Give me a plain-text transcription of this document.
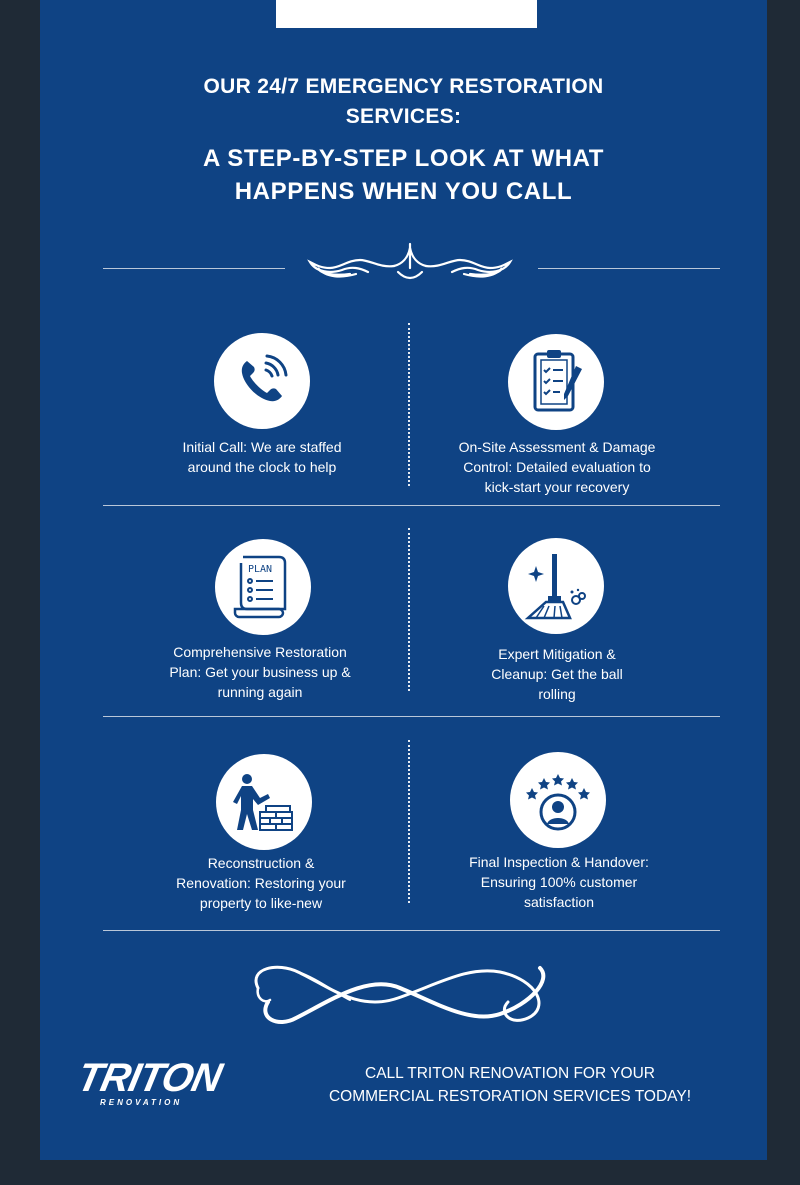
OUR 24/7 EMERGENCY RESTORATION
SERVICES:
A STEP-BY-STEP LOOK AT WHAT
HAPPENS WHEN YOU CALL
Initial Call: We are staffed
around the clock to help
On-Site Assessment & Damage
Control: Detailed evaluation to
kick-start your recovery
PLAN
Comprehensive Restoration
Plan: Get your business up &
running again
Expert Mitigation &
Cleanup: Get the ball
rolling
Reconstruction &
Renovation: Restoring your
property to like-new
Final Inspection & Handover:
Ensuring 100% customer
satisfaction
TRITON
RENOVATION
CALL TRITON RENOVATION FOR YOUR
COMMERCIAL RESTORATION SERVICES TODAY!
